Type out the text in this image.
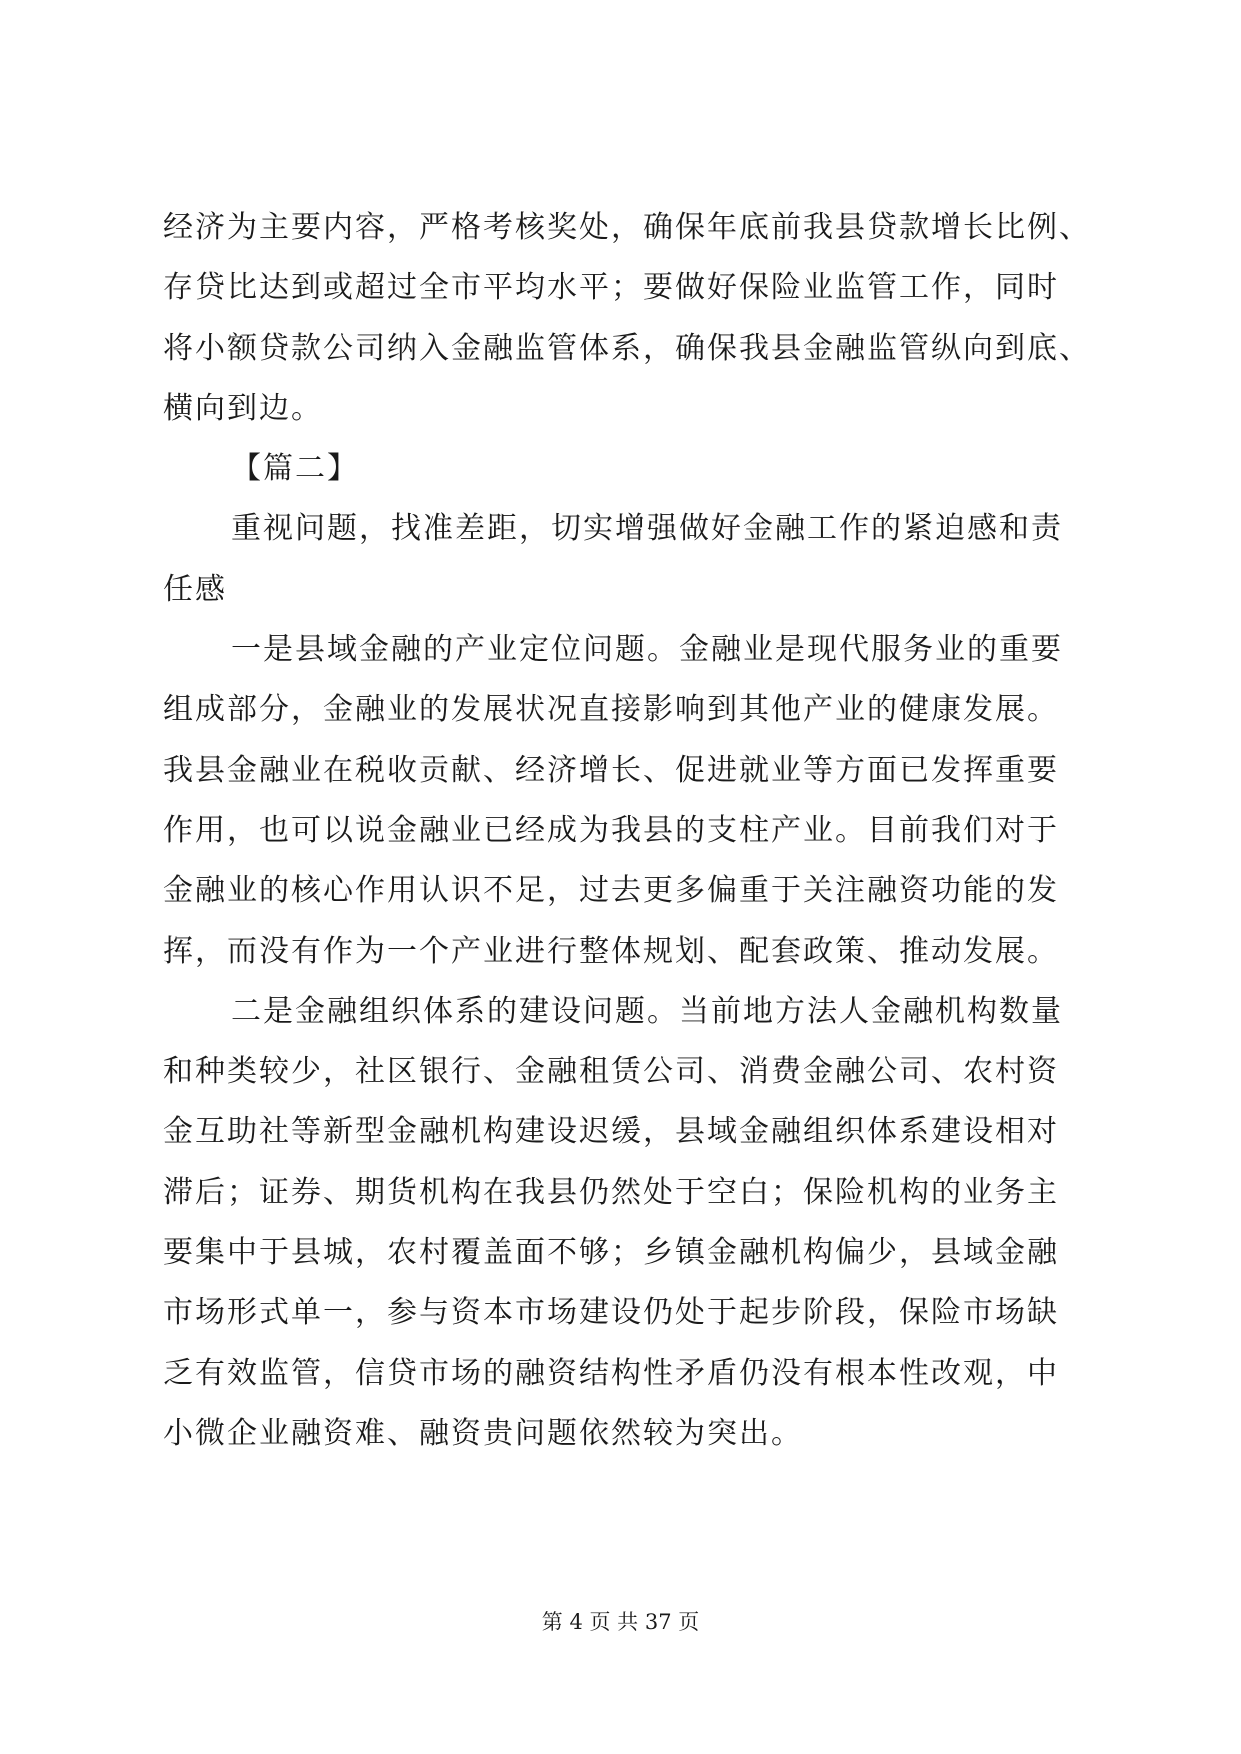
经济为主要内容，严格考核奖处，确保年底前我县贷款增长比例、
存贷比达到或超过全市平均水平；要做好保险业监管工作，同时
将小额贷款公司纳入金融监管体系，确保我县金融监管纵向到底、
横向到边。
【篇二】
重视问题，找准差距，切实增强做好金融工作的紧迫感和责
任感
一是县域金融的产业定位问题。金融业是现代服务业的重要
组成部分，金融业的发展状况直接影响到其他产业的健康发展。
我县金融业在税收贡献、经济增长、促进就业等方面已发挥重要
作用，也可以说金融业已经成为我县的支柱产业。目前我们对于
金融业的核心作用认识不足，过去更多偏重于关注融资功能的发
挥，而没有作为一个产业进行整体规划、配套政策、推动发展。
二是金融组织体系的建设问题。当前地方法人金融机构数量
和种类较少，社区银行、金融租赁公司、消费金融公司、农村资
金互助社等新型金融机构建设迟缓，县域金融组织体系建设相对
滞后；证券、期货机构在我县仍然处于空白；保险机构的业务主
要集中于县城，农村覆盖面不够；乡镇金融机构偏少，县域金融
市场形式单一，参与资本市场建设仍处于起步阶段，保险市场缺
乏有效监管，信贷市场的融资结构性矛盾仍没有根本性改观，中
小微企业融资难、融资贵问题依然较为突出。
第 4 页 共 37 页
